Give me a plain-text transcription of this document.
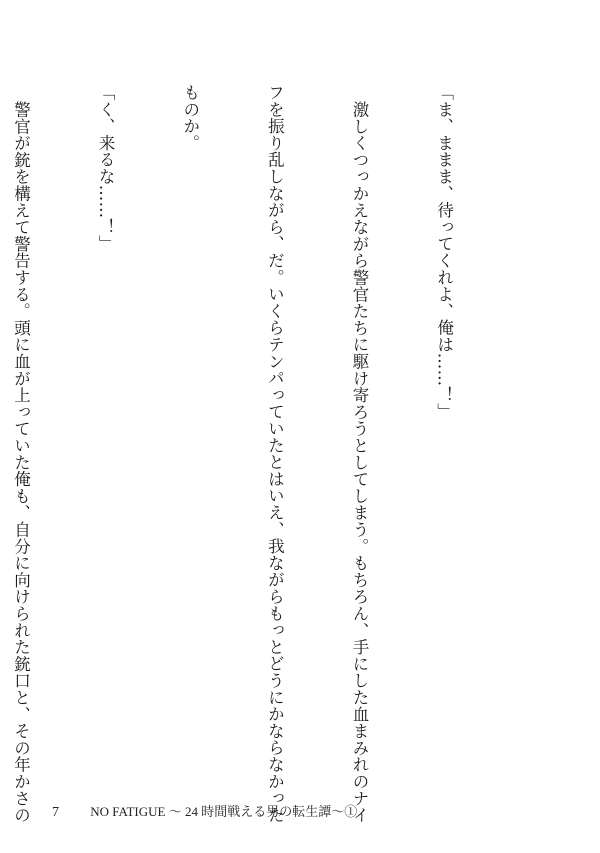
「ま、ままま、待ってくれよ、俺は……！」

激しくつっかえながら警官たちに駆け寄ろうとしてしまう。もちろん、手にした血まみれのナイ

フを振り乱しながら、だ。いくらテンパっていたとはいえ、我ながらもっとどうにかならなかった

ものか。

「く、来るな……！」

警官が銃を構えて警告する。頭に血が上っていた俺も、自分に向けられた銃口と、その年かさの

7 NO FATIGUE ～ 24 時間戦える男の転生譚～①
